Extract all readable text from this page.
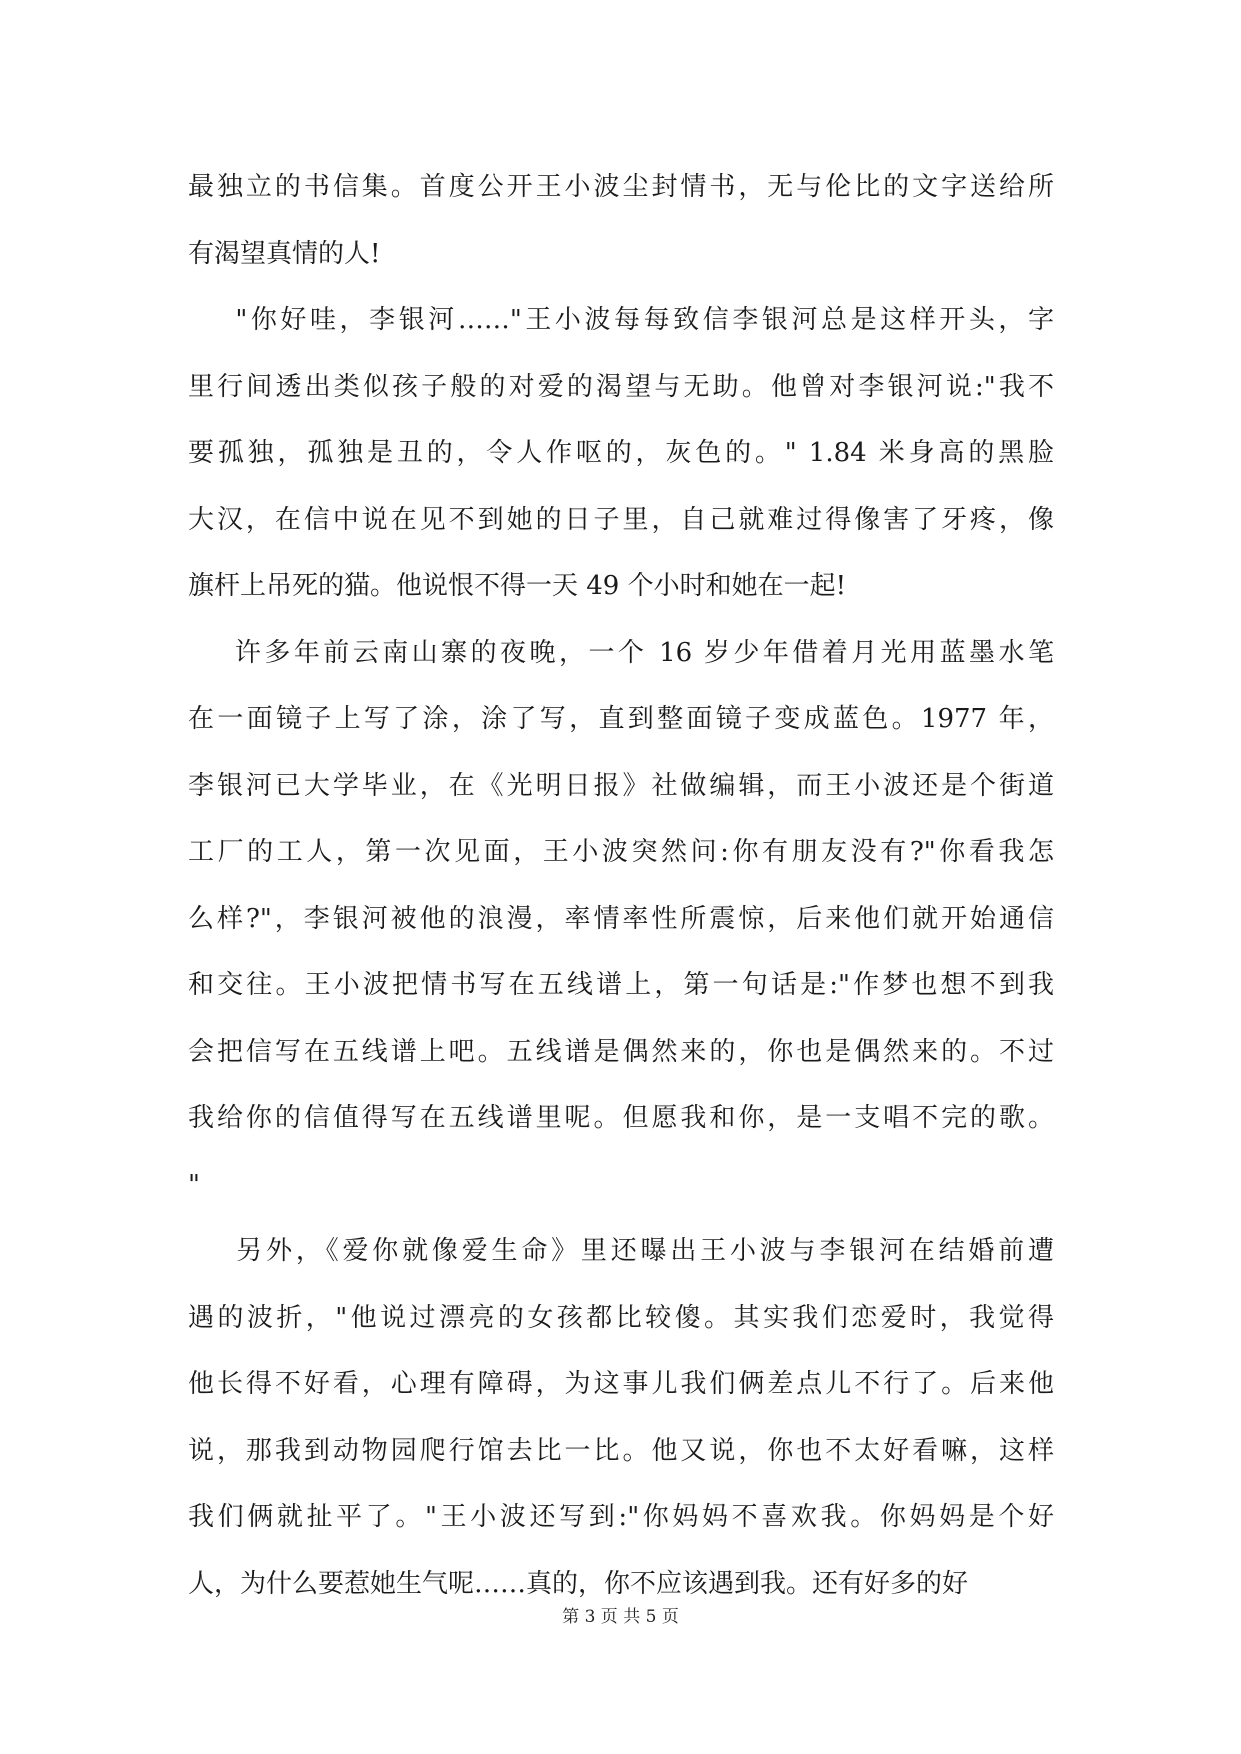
最独立的书信集。首度公开王小波尘封情书，无与伦比的文字送给所
有渴望真情的人!
"你好哇，李银河……"王小波每每致信李银河总是这样开头，字
里行间透出类似孩子般的对爱的渴望与无助。他曾对李银河说:"我不
要孤独，孤独是丑的，令人作呕的，灰色的。" 1.84 米身高的黑脸
大汉，在信中说在见不到她的日子里，自己就难过得像害了牙疼，像
旗杆上吊死的猫。他说恨不得一天 49 个小时和她在一起!
许多年前云南山寨的夜晚，一个 16 岁少年借着月光用蓝墨水笔
在一面镜子上写了涂，涂了写，直到整面镜子变成蓝色。1977 年，
李银河已大学毕业，在《光明日报》社做编辑，而王小波还是个街道
工厂的工人，第一次见面，王小波突然问:你有朋友没有?"你看我怎
么样?"，李银河被他的浪漫，率情率性所震惊，后来他们就开始通信
和交往。王小波把情书写在五线谱上，第一句话是:"作梦也想不到我
会把信写在五线谱上吧。五线谱是偶然来的，你也是偶然来的。不过
我给你的信值得写在五线谱里呢。但愿我和你，是一支唱不完的歌。
"
另外，《爱你就像爱生命》里还曝出王小波与李银河在结婚前遭
遇的波折，"他说过漂亮的女孩都比较傻。其实我们恋爱时，我觉得
他长得不好看，心理有障碍，为这事儿我们俩差点儿不行了。后来他
说，那我到动物园爬行馆去比一比。他又说，你也不太好看嘛，这样
我们俩就扯平了。"王小波还写到:"你妈妈不喜欢我。你妈妈是个好
人，为什么要惹她生气呢……真的，你不应该遇到我。还有好多的好
第 3 页 共 5 页
